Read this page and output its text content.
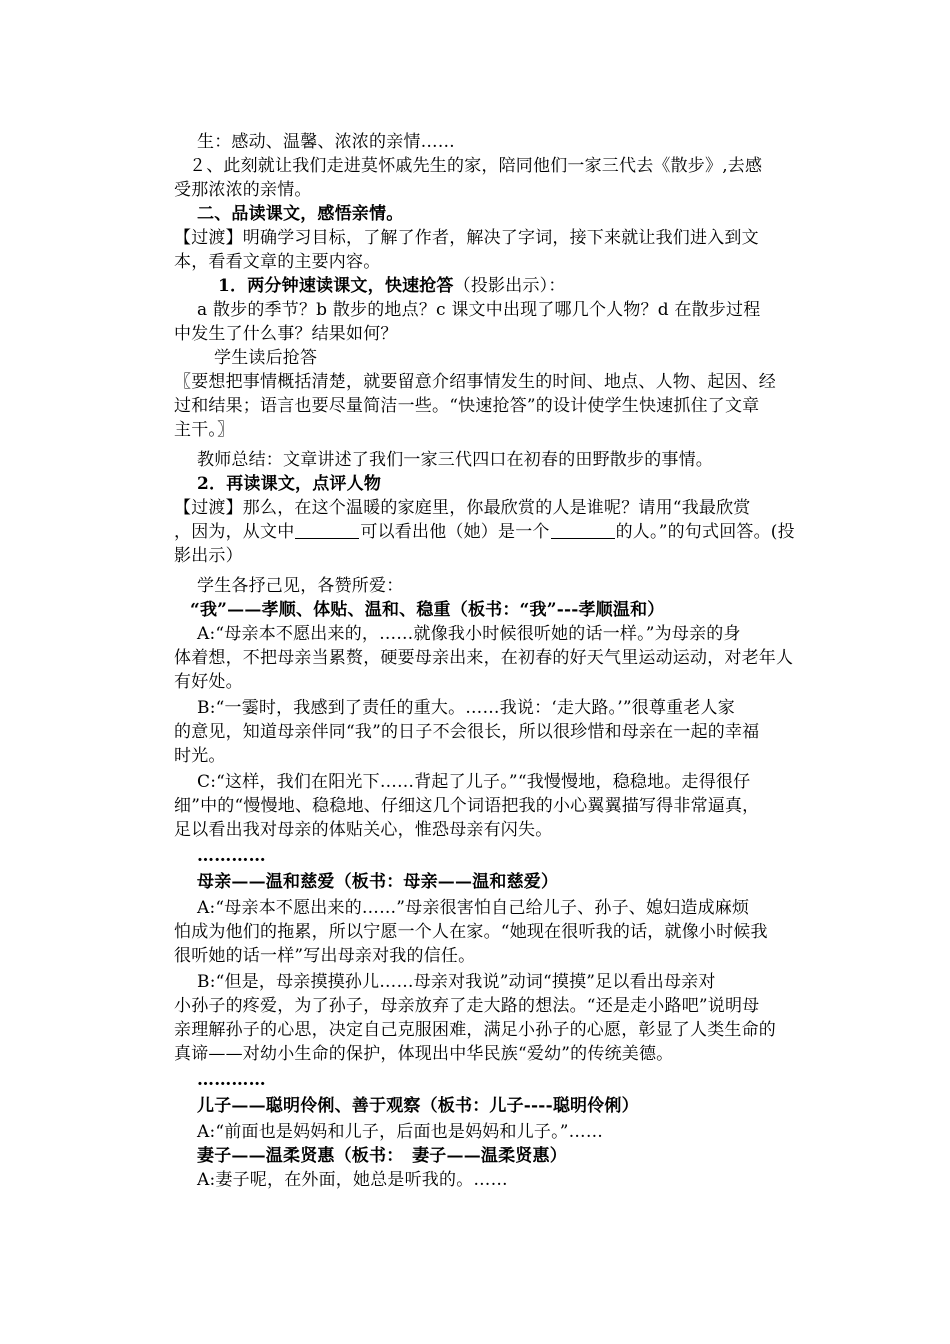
生：感动、温馨、浓浓的亲情……
２、此刻就让我们走进莫怀戚先生的家，陪同他们一家三代去《散步》,去感
受那浓浓的亲情。
二、品读课文，感悟亲情。
【过渡】明确学习目标，了解了作者，解决了字词，接下来就让我们进入到文
本，看看文章的主要内容。
1．两分钟速读课文，快速抢答（投影出示）：
a 散步的季节？b 散步的地点？c 课文中出现了哪几个人物？d 在散步过程
中发生了什么事？结果如何？
学生读后抢答
〖要想把事情概括清楚，就要留意介绍事情发生的时间、地点、人物、起因、经
过和结果；语言也要尽量简洁一些。“快速抢答”的设计使学生快速抓住了文章
主干。〗
教师总结：文章讲述了我们一家三代四口在初春的田野散步的事情。
2．再读课文，点评人物
【过渡】那么，在这个温暖的家庭里，你最欣赏的人是谁呢？请用“我最欣赏
，因为，从文中	可以看出他（她）是一个	的人。”的句式回答。(投
影出示）
学生各抒己见，各赞所爱：
“我”——孝顺、体贴、温和、稳重（板书：“我”---孝顺温和）
A:“母亲本不愿出来的，……就像我小时候很听她的话一样。”为母亲的身
体着想，不把母亲当累赘，硬要母亲出来，在初春的好天气里运动运动，对老年人
有好处。
B:“一霎时，我感到了责任的重大。……我说：‘走大路。’”很尊重老人家
的意见，知道母亲伴同“我”的日子不会很长，所以很珍惜和母亲在一起的幸福
时光。
C:“这样，我们在阳光下……背起了儿子。”“我慢慢地，稳稳地。走得很仔
细”中的“慢慢地、稳稳地、仔细这几个词语把我的小心翼翼描写得非常逼真，
足以看出我对母亲的体贴关心，惟恐母亲有闪失。
…………
母亲——温和慈爱（板书：母亲——温和慈爱）
A:“母亲本不愿出来的……”母亲很害怕自己给儿子、孙子、媳妇造成麻烦
怕成为他们的拖累，所以宁愿一个人在家。“她现在很听我的话，就像小时候我
很听她的话一样”写出母亲对我的信任。
B:“但是，母亲摸摸孙儿……母亲对我说”动词“摸摸”足以看出母亲对
小孙子的疼爱，为了孙子，母亲放弃了走大路的想法。“还是走小路吧”说明母
亲理解孙子的心思，决定自己克服困难，满足小孙子的心愿，彰显了人类生命的
真谛——对幼小生命的保护，体现出中华民族“爱幼”的传统美德。
…………
儿子——聪明伶俐、善于观察（板书：儿子----聪明伶俐）
A:“前面也是妈妈和儿子，后面也是妈妈和儿子。”……
妻子——温柔贤惠（板书：　妻子——温柔贤惠）
A:妻子呢，在外面，她总是听我的。……
